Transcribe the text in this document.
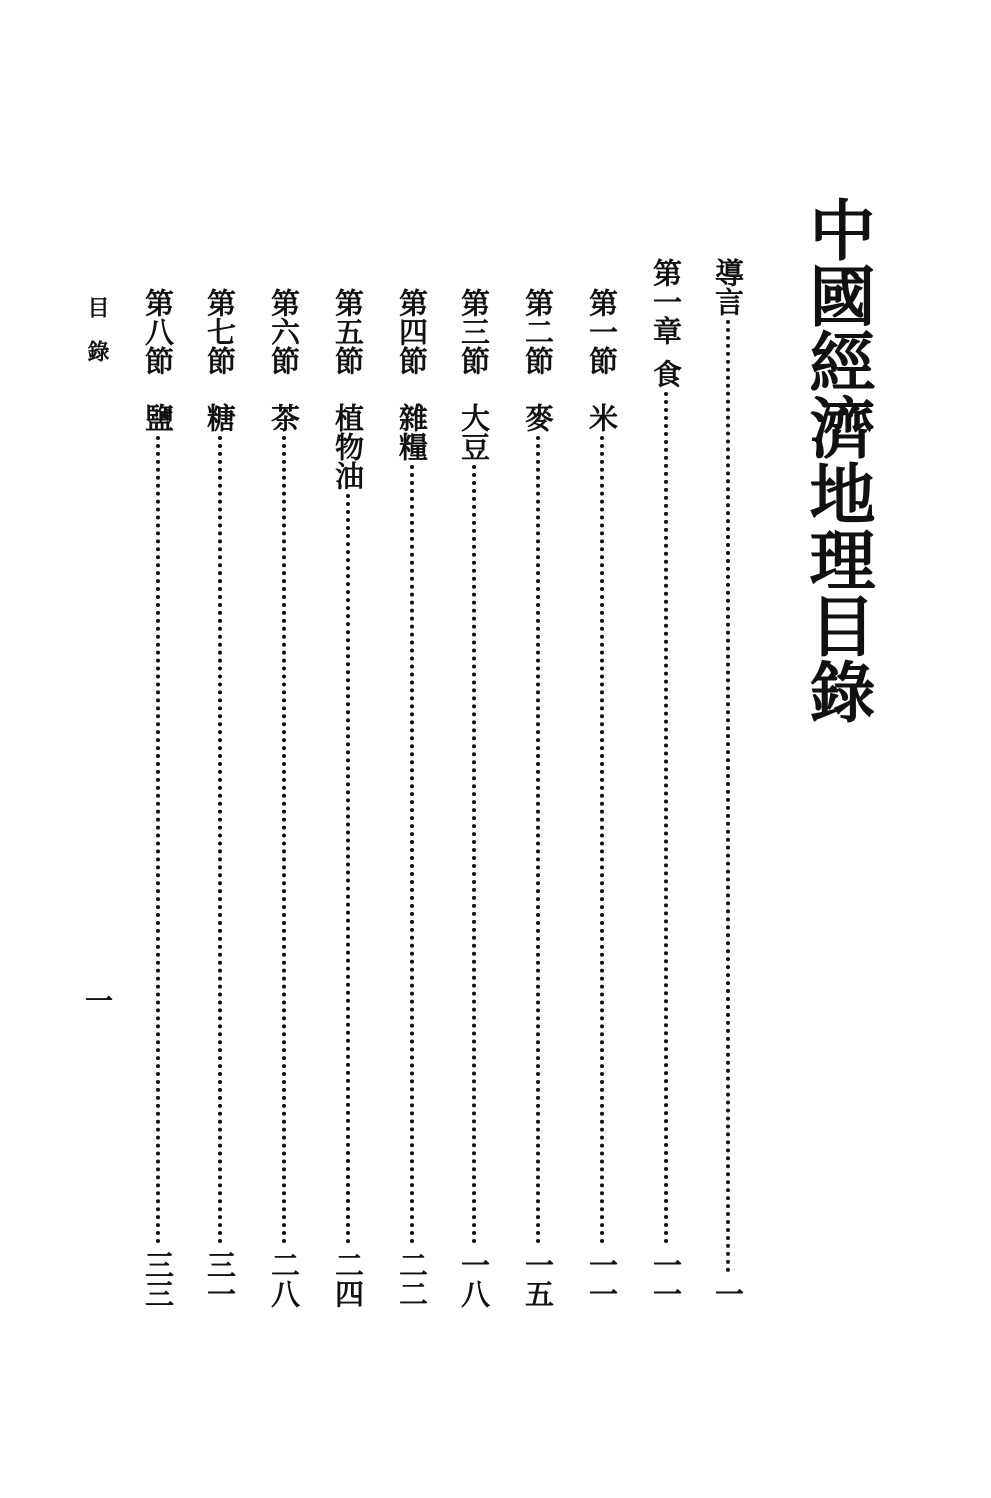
中國經濟地理目錄
導言
一
第一章
食
一一
第一節
米
一一
第二節
麥
一五
第三節
大豆
一八
第四節
雜糧
二二
第五節
植物油
二四
第六節
茶
二八
第七節
糖
三一
第八節
鹽
三三
目錄
一
